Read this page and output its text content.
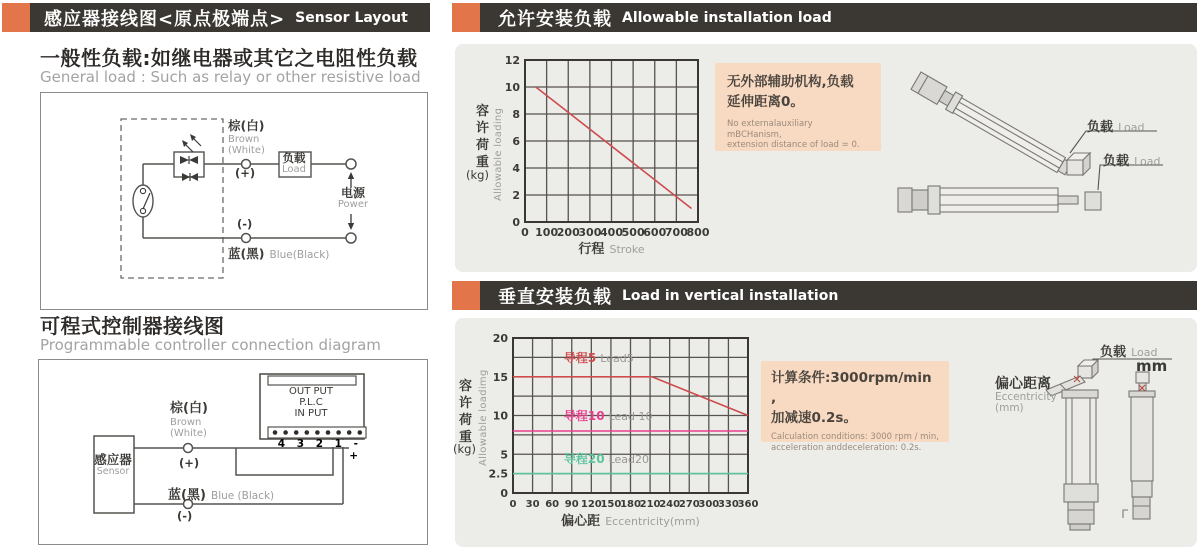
感应器接线图<原点极端点> Sensor Layout
一般性负载:如继电器或其它之电阻性负载
General load : Such as relay or other resistive load
棕(白)
Brown
(White)
(+)
负载
Load
电源
Power
(-)
蓝(黑) Blue(Black)
可程式控制器接线图
Programmable controller connection diagram
感应器
Sensor
棕(白)
Brown
(White)
(+)
OUT PUT
P.L.C
IN PUT
4 3 2 1 - +
蓝(黑) Blue (Black)
(-)
允许安装负载 Allowable installation load
0 100
200
300
400
500
600
700
800
0
2
4
6
8
10
12
容许荷重
(kg) Allowable loading
行程 Stroke
无外部辅助机构,负载
延伸距离0。
No externalauxiliary mBCHanism,
extension distance of load = 0.
负载 Load
负载 Load
垂直安装负载 Load in vertical installation
0 30 60 90 120
150
180
210
240
270
300
330
360
0
2.5
5
10
15
20
导程5 Lead5
导程10 Lead 10
导程20 Lead20
容许荷重
(kg) Allowable loadimg
偏心距 Eccentricity(mm)
计算条件:3000rpm/min ,
加减速0.2s。
Calculation conditions: 3000 rpm / min,
acceleration anddeceleration: 0.2s.
负载 Load
mm
偏心距离
Eccentricity
(mm)
